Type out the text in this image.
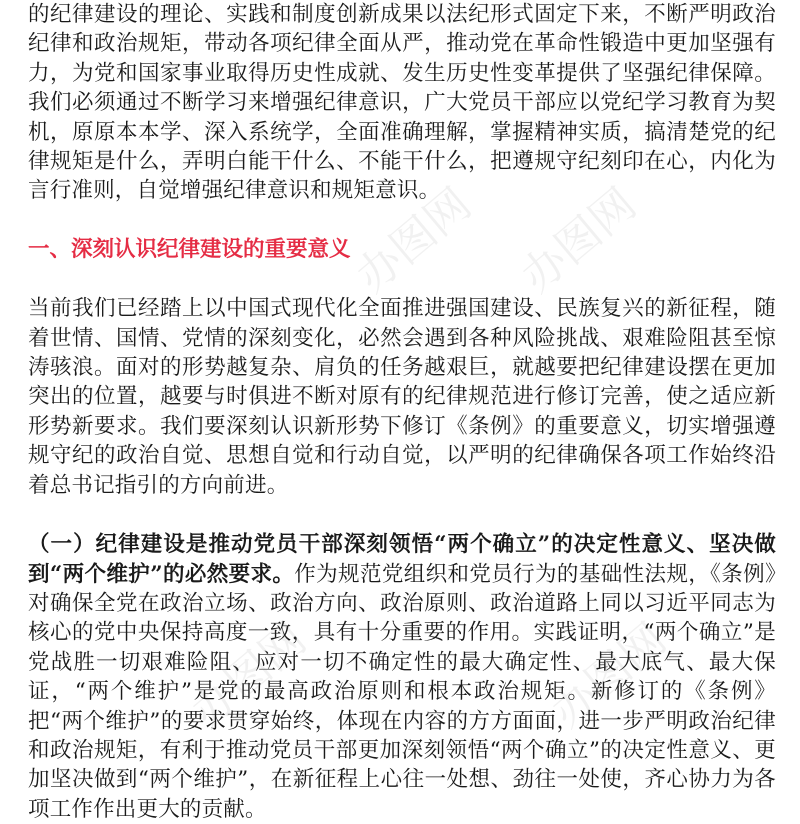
的纪律建设的理论、实践和制度创新成果以法纪形式固定下来，不断严明政治纪律和政治规矩，带动各项纪律全面从严，推动党在革命性锻造中更加坚强有力，为党和国家事业取得历史性成就、发生历史性变革提供了坚强纪律保障。我们必须通过不断学习来增强纪律意识，广大党员干部应以党纪学习教育为契机，原原本本学、深入系统学，全面准确理解，掌握精神实质，搞清楚党的纪律规矩是什么，弄明白能干什么、不能干什么，把遵规守纪刻印在心，内化为言行准则，自觉增强纪律意识和规矩意识。

一、深刻认识纪律建设的重要意义

当前我们已经踏上以中国式现代化全面推进强国建设、民族复兴的新征程，随着世情、国情、党情的深刻变化，必然会遇到各种风险挑战、艰难险阻甚至惊涛骇浪。面对的形势越复杂、肩负的任务越艰巨，就越要把纪律建设摆在更加突出的位置，越要与时俱进不断对原有的纪律规范进行修订完善，使之适应新形势新要求。我们要深刻认识新形势下修订《条例》的重要意义，切实增强遵规守纪的政治自觉、思想自觉和行动自觉，以严明的纪律确保各项工作始终沿着总书记指引的方向前进。

（一）纪律建设是推动党员干部深刻领悟“两个确立”的决定性意义、坚决做到“两个维护”的必然要求。作为规范党组织和党员行为的基础性法规，《条例》对确保全党在政治立场、政治方向、政治原则、政治道路上同以习近平同志为核心的党中央保持高度一致，具有十分重要的作用。实践证明，“两个确立”是党战胜一切艰难险阻、应对一切不确定性的最大确定性、最大底气、最大保证，“两个维护”是党的最高政治原则和根本政治规矩。新修订的《条例》把“两个维护”的要求贯穿始终，体现在内容的方方面面，进一步严明政治纪律和政治规矩，有利于推动党员干部更加深刻领悟“两个确立”的决定性意义、更加坚决做到“两个维护”，在新征程上心往一处想、劲往一处使，齐心协力为各项工作作出更大的贡献。

办图网 办图网
办图网	办图网
